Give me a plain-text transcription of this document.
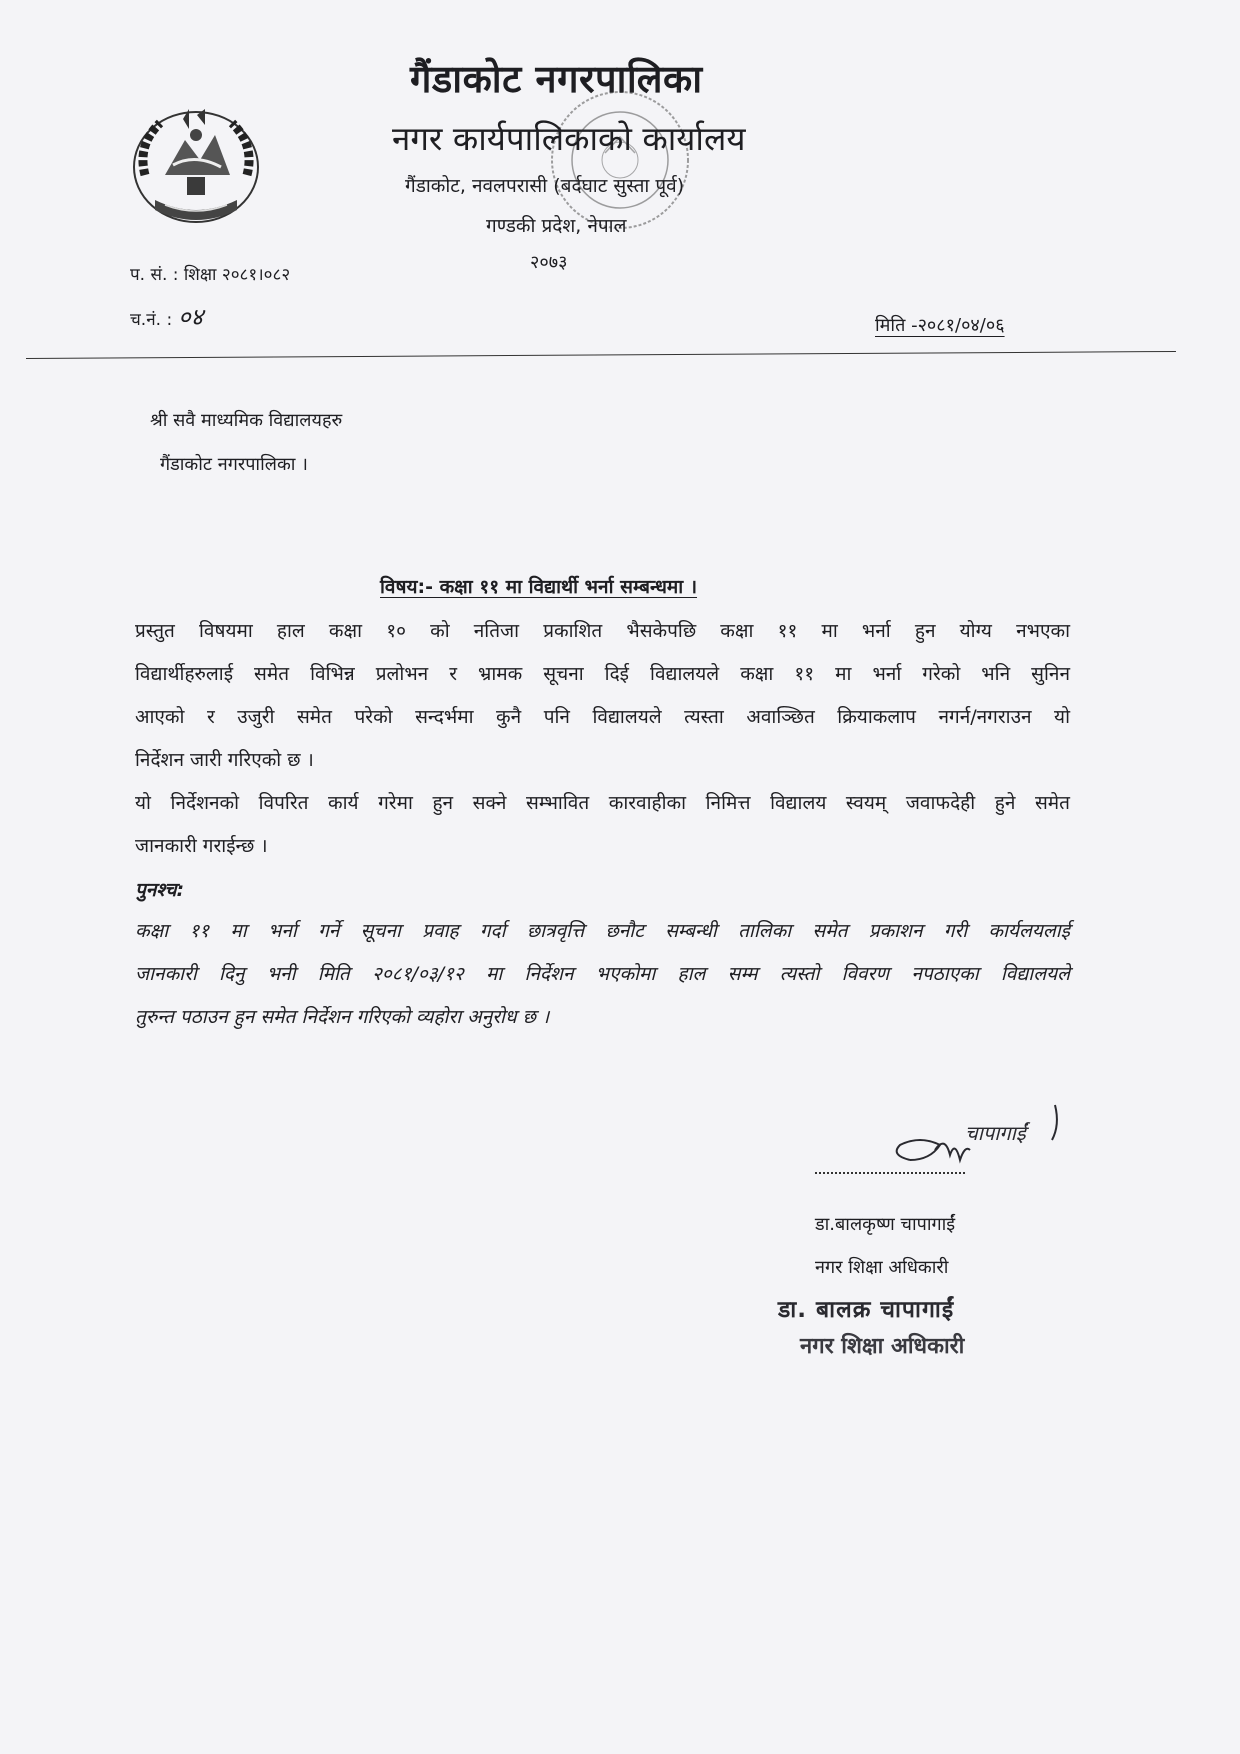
गैंडाकोट नगरपालिका
नगर कार्यपालिकाको कार्यालय
गैंडाकोट, नवलपरासी (बर्दघाट सुस्ता पूर्व)
गण्डकी प्रदेश, नेपाल
२०७३
प. सं. : शिक्षा २०८१।०८२
च.नं. : ०४	मिति -२०८१/०४/०६
श्री सवै माध्यमिक विद्यालयहरु
गैंडाकोट नगरपालिका ।
विषय:- कक्षा ११ मा विद्यार्थी भर्ना सम्बन्धमा ।
प्रस्तुत विषयमा हाल कक्षा १० को नतिजा प्रकाशित भैसकेपछि कक्षा ११ मा भर्ना हुन योग्य नभएका
विद्यार्थीहरुलाई समेत विभिन्न प्रलोभन र भ्रामक सूचना दिई विद्यालयले कक्षा ११ मा भर्ना गरेको भनि सुनिन
आएको र उजुरी समेत परेको सन्दर्भमा कुनै पनि विद्यालयले त्यस्ता अवाञ्छित क्रियाकलाप नगर्न/नगराउन यो
निर्देशन जारी गरिएको छ ।
यो निर्देशनको विपरित कार्य गरेमा हुन सक्ने सम्भावित कारवाहीका निमित्त विद्यालय स्वयम् जवाफदेही हुने समेत
जानकारी गराईन्छ ।
पुनश्च:
कक्षा ११ मा भर्ना गर्ने सूचना प्रवाह गर्दा छात्रवृत्ति छनौट सम्बन्धी तालिका समेत प्रकाशन गरी कार्यलयलाई
जानकारी दिनु भनी मिति २०८१/०३/१२ मा निर्देशन भएकोमा हाल सम्म त्यस्तो विवरण नपठाएका विद्यालयले
तुरुन्त पठाउन हुन समेत निर्देशन गरिएको व्यहोरा अनुरोध छ ।
चापागाईं
डा.बालकृष्ण चापागाईं
नगर शिक्षा अधिकारी
डा. बालक्र चापागाईं
नगर शिक्षा अधिकारी
